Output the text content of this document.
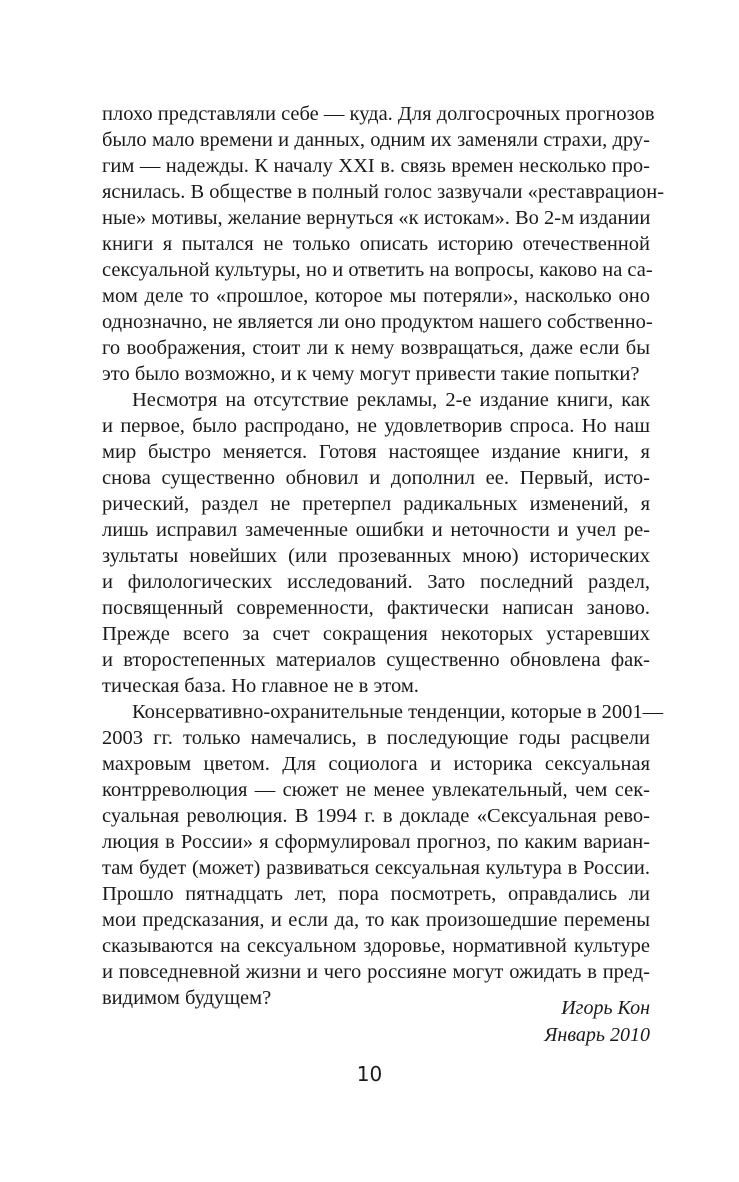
плохо представляли себе — куда. Для долгосрочных прогнозов
было мало времени и данных, одним их заменяли страхи, дру-
гим — надежды. К началу XXI в. связь времен несколько про-
яснилась. В обществе в полный голос зазвучали «реставрацион-
ные» мотивы, желание вернуться «к истокам». Во 2-м издании
книги я пытался не только описать историю отечественной
сексуальной культуры, но и ответить на вопросы, каково на са-
мом деле то «прошлое, которое мы потеряли», насколько оно
однозначно, не является ли оно продуктом нашего собственно-
го воображения, стоит ли к нему возвращаться, даже если бы
это было возможно, и к чему могут привести такие попытки?
Несмотря на отсутствие рекламы, 2-е издание книги, как
и первое, было распродано, не удовлетворив спроса. Но наш
мир быстро меняется. Готовя настоящее издание книги, я
снова существенно обновил и дополнил ее. Первый, исто-
рический, раздел не претерпел радикальных изменений, я
лишь исправил замеченные ошибки и неточности и учел ре-
зультаты новейших (или прозеванных мною) исторических
и филологических исследований. Зато последний раздел,
посвященный современности, фактически написан заново.
Прежде всего за счет сокращения некоторых устаревших
и второстепенных материалов существенно обновлена фак-
тическая база. Но главное не в этом.
Консервативно-охранительные тенденции, которые в 2001—
2003 гг. только намечались, в последующие годы расцвели
махровым цветом. Для социолога и историка сексуальная
контрреволюция — сюжет не менее увлекательный, чем сек-
суальная революция. В 1994 г. в докладе «Сексуальная рево-
люция в России» я сформулировал прогноз, по каким вариан-
там будет (может) развиваться сексуальная культура в России.
Прошло пятнадцать лет, пора посмотреть, оправдались ли
мои предсказания, и если да, то как произошедшие перемены
сказываются на сексуальном здоровье, нормативной культуре
и повседневной жизни и чего россияне могут ожидать в пред-
видимом будущем?	Игорь Кон
Январь 2010
10
